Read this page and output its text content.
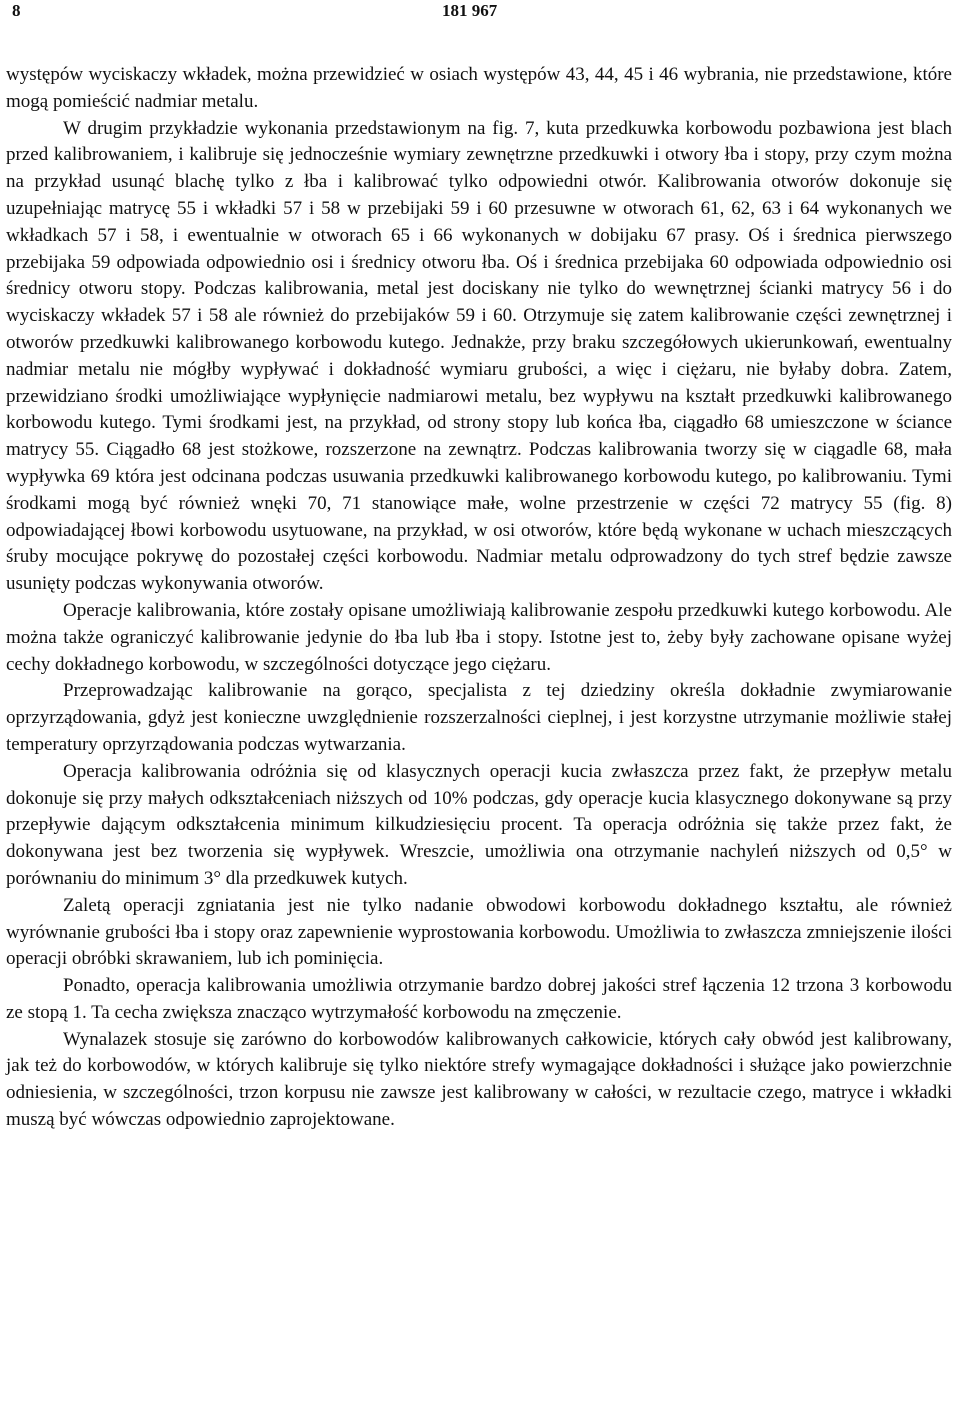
8	181 967

występów wyciskaczy wkładek, można przewidzieć w osiach występów 43, 44, 45 i 46 wybrania, nie przedstawione, które mogą pomieścić nadmiar metalu.

W drugim przykładzie wykonania przedstawionym na fig. 7, kuta przedkuwka korbowodu pozbawiona jest blach przed kalibrowaniem, i kalibruje się jednocześnie wymiary zewnętrzne przedkuwki i otwory łba i stopy, przy czym można na przykład usunąć blachę tylko z łba i kalibrować tylko odpowiedni otwór. Kalibrowania otworów dokonuje się uzupełniając matrycę 55 i wkładki 57 i 58 w przebijaki 59 i 60 przesuwne w otworach 61, 62, 63 i 64 wykonanych we wkładkach 57 i 58, i ewentualnie w otworach 65 i 66 wykonanych w dobijaku 67 prasy. Oś i średnica pierwszego przebijaka 59 odpowiada odpowiednio osi i średnicy otworu łba. Oś i średnica przebijaka 60 odpowiada odpowiednio osi średnicy otworu stopy. Podczas kalibrowania, metal jest dociskany nie tylko do wewnętrznej ścianki matrycy 56 i do wyciskaczy wkładek 57 i 58 ale również do przebijaków 59 i 60. Otrzymuje się zatem kalibrowanie części zewnętrznej i otworów przedkuwki kalibrowanego korbowodu kutego. Jednakże, przy braku szczegółowych ukierunkowań, ewentualny nadmiar metalu nie mógłby wypływać i dokładność wymiaru grubości, a więc i ciężaru, nie byłaby dobra. Zatem, przewidziano środki umożliwiające wypłynięcie nadmiarowi metalu, bez wypływu na kształt przedkuwki kalibrowanego korbowodu kutego. Tymi środkami jest, na przykład, od strony stopy lub końca łba, ciągadło 68 umieszczone w ściance matrycy 55. Ciągadło 68 jest stożkowe, rozszerzone na zewnątrz. Podczas kalibrowania tworzy się w ciągadle 68, mała wypływka 69 która jest odcinana podczas usuwania przedkuwki kalibrowanego korbowodu kutego, po kalibrowaniu. Tymi środkami mogą być również wnęki 70, 71 stanowiące małe, wolne przestrzenie w części 72 matrycy 55 (fig. 8) odpowiadającej łbowi korbowodu usytuowane, na przykład, w osi otworów, które będą wykonane w uchach mieszczących śruby mocujące pokrywę do pozostałej części korbowodu. Nadmiar metalu odprowadzony do tych stref będzie zawsze usunięty podczas wykonywania otworów.

Operacje kalibrowania, które zostały opisane umożliwiają kalibrowanie zespołu przedkuwki kutego korbowodu. Ale można także ograniczyć kalibrowanie jedynie do łba lub łba i stopy. Istotne jest to, żeby były zachowane opisane wyżej cechy dokładnego korbowodu, w szczególności dotyczące jego ciężaru.

Przeprowadzając kalibrowanie na gorąco, specjalista z tej dziedziny określa dokładnie zwymiarowanie oprzyrządowania, gdyż jest konieczne uwzględnienie rozszerzalności cieplnej, i jest korzystne utrzymanie możliwie stałej temperatury oprzyrządowania podczas wytwarzania.

Operacja kalibrowania odróżnia się od klasycznych operacji kucia zwłaszcza przez fakt, że przepływ metalu dokonuje się przy małych odkształceniach niższych od 10% podczas, gdy operacje kucia klasycznego dokonywane są przy przepływie dającym odkształcenia minimum kilkudziesięciu procent. Ta operacja odróżnia się także przez fakt, że dokonywana jest bez tworzenia się wypływek. Wreszcie, umożliwia ona otrzymanie nachyleń niższych od 0,5° w porównaniu do minimum 3° dla przedkuwek kutych.

Zaletą operacji zgniatania jest nie tylko nadanie obwodowi korbowodu dokładnego kształtu, ale również wyrównanie grubości łba i stopy oraz zapewnienie wyprostowania korbowodu. Umożliwia to zwłaszcza zmniejszenie ilości operacji obróbki skrawaniem, lub ich pominięcia.

Ponadto, operacja kalibrowania umożliwia otrzymanie bardzo dobrej jakości stref łączenia 12 trzona 3 korbowodu ze stopą 1. Ta cecha zwiększa znacząco wytrzymałość korbowodu na zmęczenie.

Wynalazek stosuje się zarówno do korbowodów kalibrowanych całkowicie, których cały obwód jest kalibrowany, jak też do korbowodów, w których kalibruje się tylko niektóre strefy wymagające dokładności i służące jako powierzchnie odniesienia, w szczególności, trzon korpusu nie zawsze jest kalibrowany w całości, w rezultacie czego, matryce i wkładki muszą być wówczas odpowiednio zaprojektowane.
